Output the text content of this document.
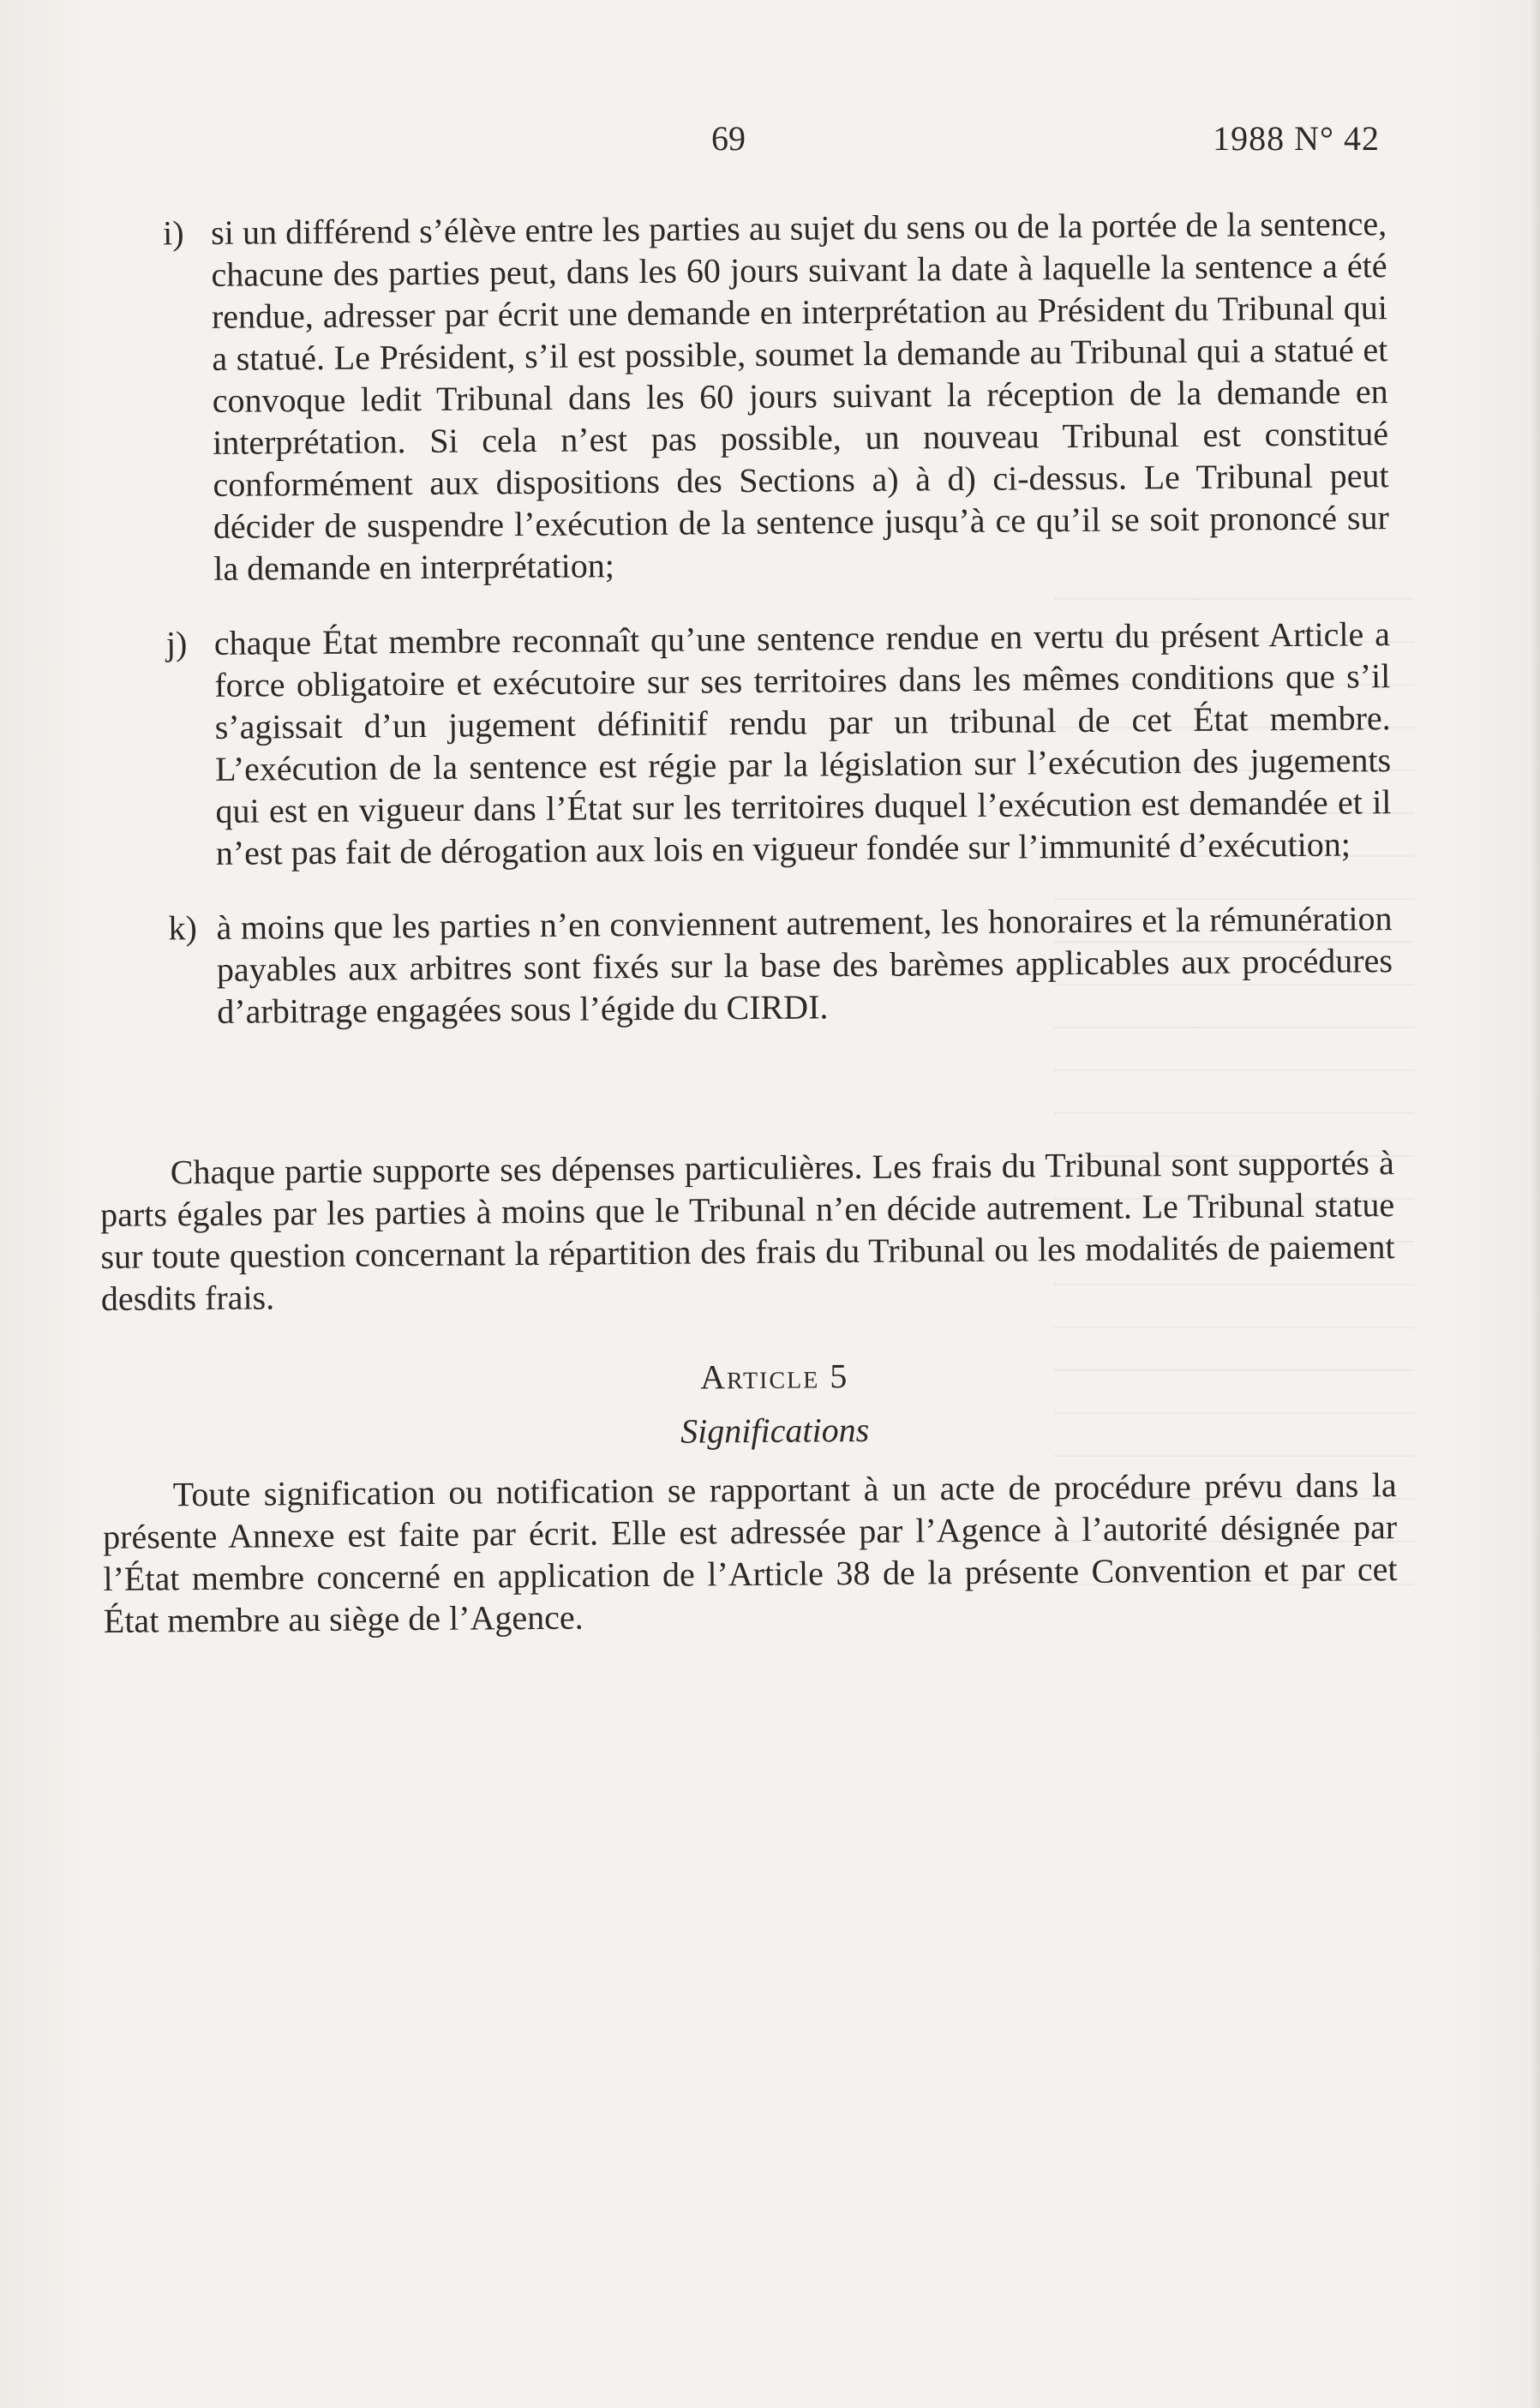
69	1988 N° 42
i) si un différend s’élève entre les parties au sujet du sens ou de la portée de la sentence, chacune des parties peut, dans les 60 jours suivant la date à laquelle la sentence a été rendue, adresser par écrit une demande en interprétation au Président du Tribunal qui a statué. Le Président, s’il est possible, soumet la demande au Tribunal qui a statué et convoque ledit Tribunal dans les 60 jours suivant la réception de la demande en interprétation. Si cela n’est pas possible, un nouveau Tribunal est constitué conformément aux dispositions des Sections a) à d) ci-dessus. Le Tribunal peut décider de suspendre l’exécution de la sentence jusqu’à ce qu’il se soit prononcé sur la demande en interprétation;
j) chaque État membre reconnaît qu’une sentence rendue en vertu du présent Article a force obligatoire et exécutoire sur ses territoires dans les mêmes conditions que s’il s’agissait d’un jugement définitif rendu par un tribunal de cet État membre. L’exécution de la sentence est régie par la législation sur l’exécution des jugements qui est en vigueur dans l’État sur les territoires duquel l’exécution est demandée et il n’est pas fait de dérogation aux lois en vigueur fondée sur l’immunité d’exécution;
k) à moins que les parties n’en conviennent autrement, les honoraires et la rémunération payables aux arbitres sont fixés sur la base des barèmes applicables aux procédures d’arbitrage engagées sous l’égide du CIRDI.

Chaque partie supporte ses dépenses particulières. Les frais du Tribunal sont supportés à parts égales par les parties à moins que le Tribunal n’en décide autrement. Le Tribunal statue sur toute question concernant la répartition des frais du Tribunal ou les modalités de paiement desdits frais.

Article 5

Significations

Toute signification ou notification se rapportant à un acte de procédure prévu dans la présente Annexe est faite par écrit. Elle est adressée par l’Agence à l’autorité désignée par l’État membre concerné en application de l’Article 38 de la présente Convention et par cet État membre au siège de l’Agence.
